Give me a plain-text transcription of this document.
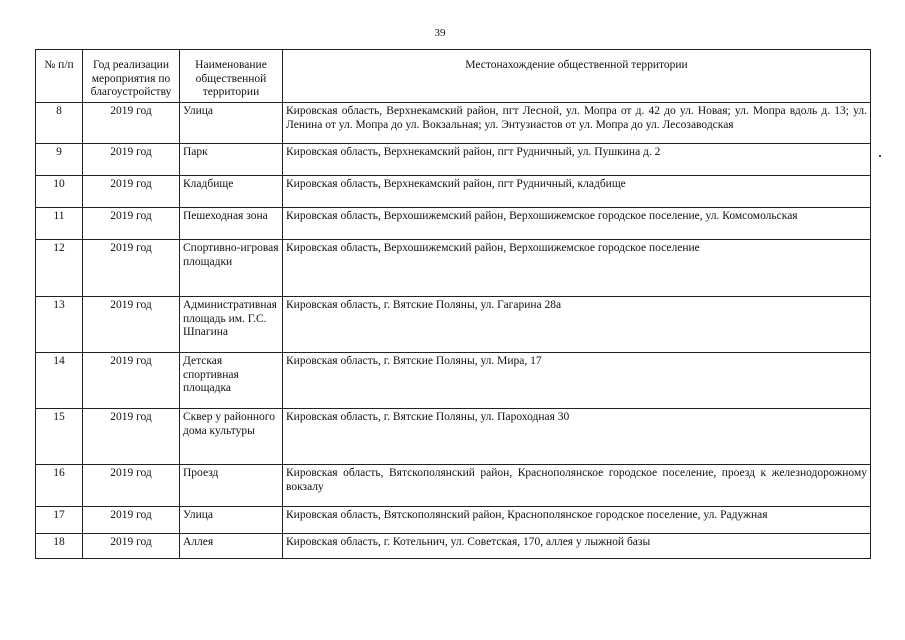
39
№ п/п	Год реализации мероприятия по благоустройству	Наименование общественной территории	Местонахождение общественной территории
8	2019 год	Улица	Кировская область, Верхнекамский район, пгт Лесной, ул. Мопра от д. 42 до ул. Новая; ул. Мопра вдоль д. 13; ул. Ленина от ул. Мопра до ул. Вокзальная; ул. Энтузиастов от ул. Мопра до ул. Лесозаводская
9	2019 год	Парк	Кировская область, Верхнекамский район, пгт Рудничный, ул. Пушкина д. 2
10	2019 год	Кладбище	Кировская область, Верхнекамский район, пгт Рудничный, кладбище
11	2019 год	Пешеходная зона	Кировская область, Верхошижемский район, Верхошижемское городское поселение, ул. Комсомольская
12	2019 год	Спортивно-игровая площадки	Кировская область, Верхошижемский район, Верхошижемское городское поселение
13	2019 год	Административная площадь им. Г.С. Шпагина	Кировская область, г. Вятские Поляны, ул. Гагарина 28а
14	2019 год	Детская спортивная площадка	Кировская область, г. Вятские Поляны, ул. Мира, 17
15	2019 год	Сквер у районного дома культуры	Кировская область, г. Вятские Поляны, ул. Пароходная 30
16	2019 год	Проезд	Кировская область, Вятскополянский район, Краснополянское городское поселение, проезд к железнодорожному вокзалу
17	2019 год	Улица	Кировская область, Вятскополянский район, Краснополянское городское поселение, ул. Радужная
18	2019 год	Аллея	Кировская область, г. Котельнич, ул. Советская, 170, аллея у лыжной базы
